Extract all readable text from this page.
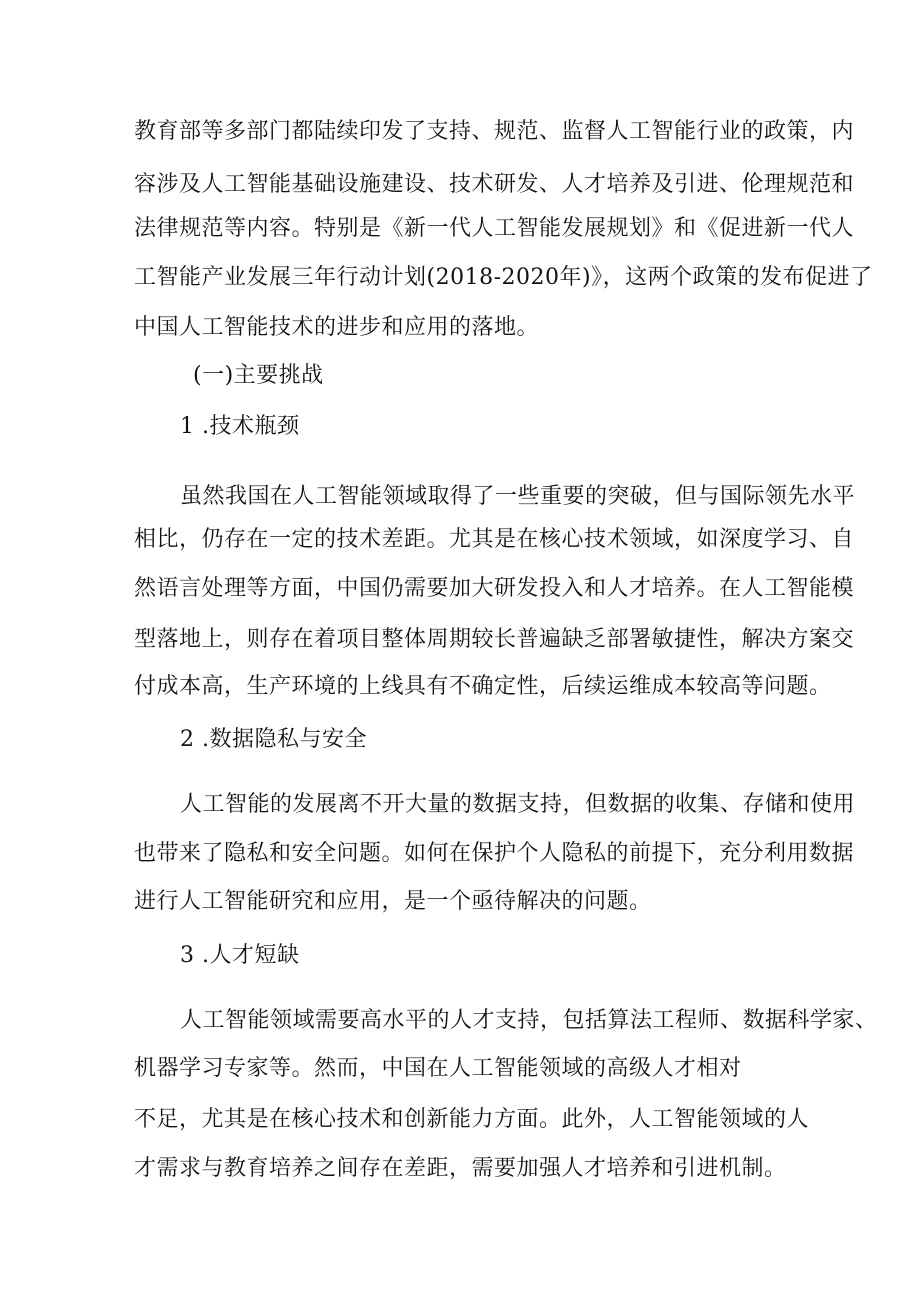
教育部等多部门都陆续印发了支持、规范、监督人工智能行业的政策，内
容涉及人工智能基础设施建设、技术研发、人才培养及引进、伦理规范和
法律规范等内容。特别是《新一代人工智能发展规划》和《促进新一代人
工智能产业发展三年行动计划(2018-2020年)》，这两个政策的发布促进了
中国人工智能技术的进步和应用的落地。
(一)主要挑战
1 .技术瓶颈
虽然我国在人工智能领域取得了一些重要的突破，但与国际领先水平
相比，仍存在一定的技术差距。尤其是在核心技术领域，如深度学习、自
然语言处理等方面，中国仍需要加大研发投入和人才培养。在人工智能模
型落地上，则存在着项目整体周期较长普遍缺乏部署敏捷性，解决方案交
付成本高，生产环境的上线具有不确定性，后续运维成本较高等问题。
2 .数据隐私与安全
人工智能的发展离不开大量的数据支持，但数据的收集、存储和使用
也带来了隐私和安全问题。如何在保护个人隐私的前提下，充分利用数据
进行人工智能研究和应用，是一个亟待解决的问题。
3 .人才短缺
人工智能领域需要高水平的人才支持，包括算法工程师、数据科学家、
机器学习专家等。然而，中国在人工智能领域的高级人才相对
不足，尤其是在核心技术和创新能力方面。此外，人工智能领域的人
才需求与教育培养之间存在差距，需要加强人才培养和引进机制。
